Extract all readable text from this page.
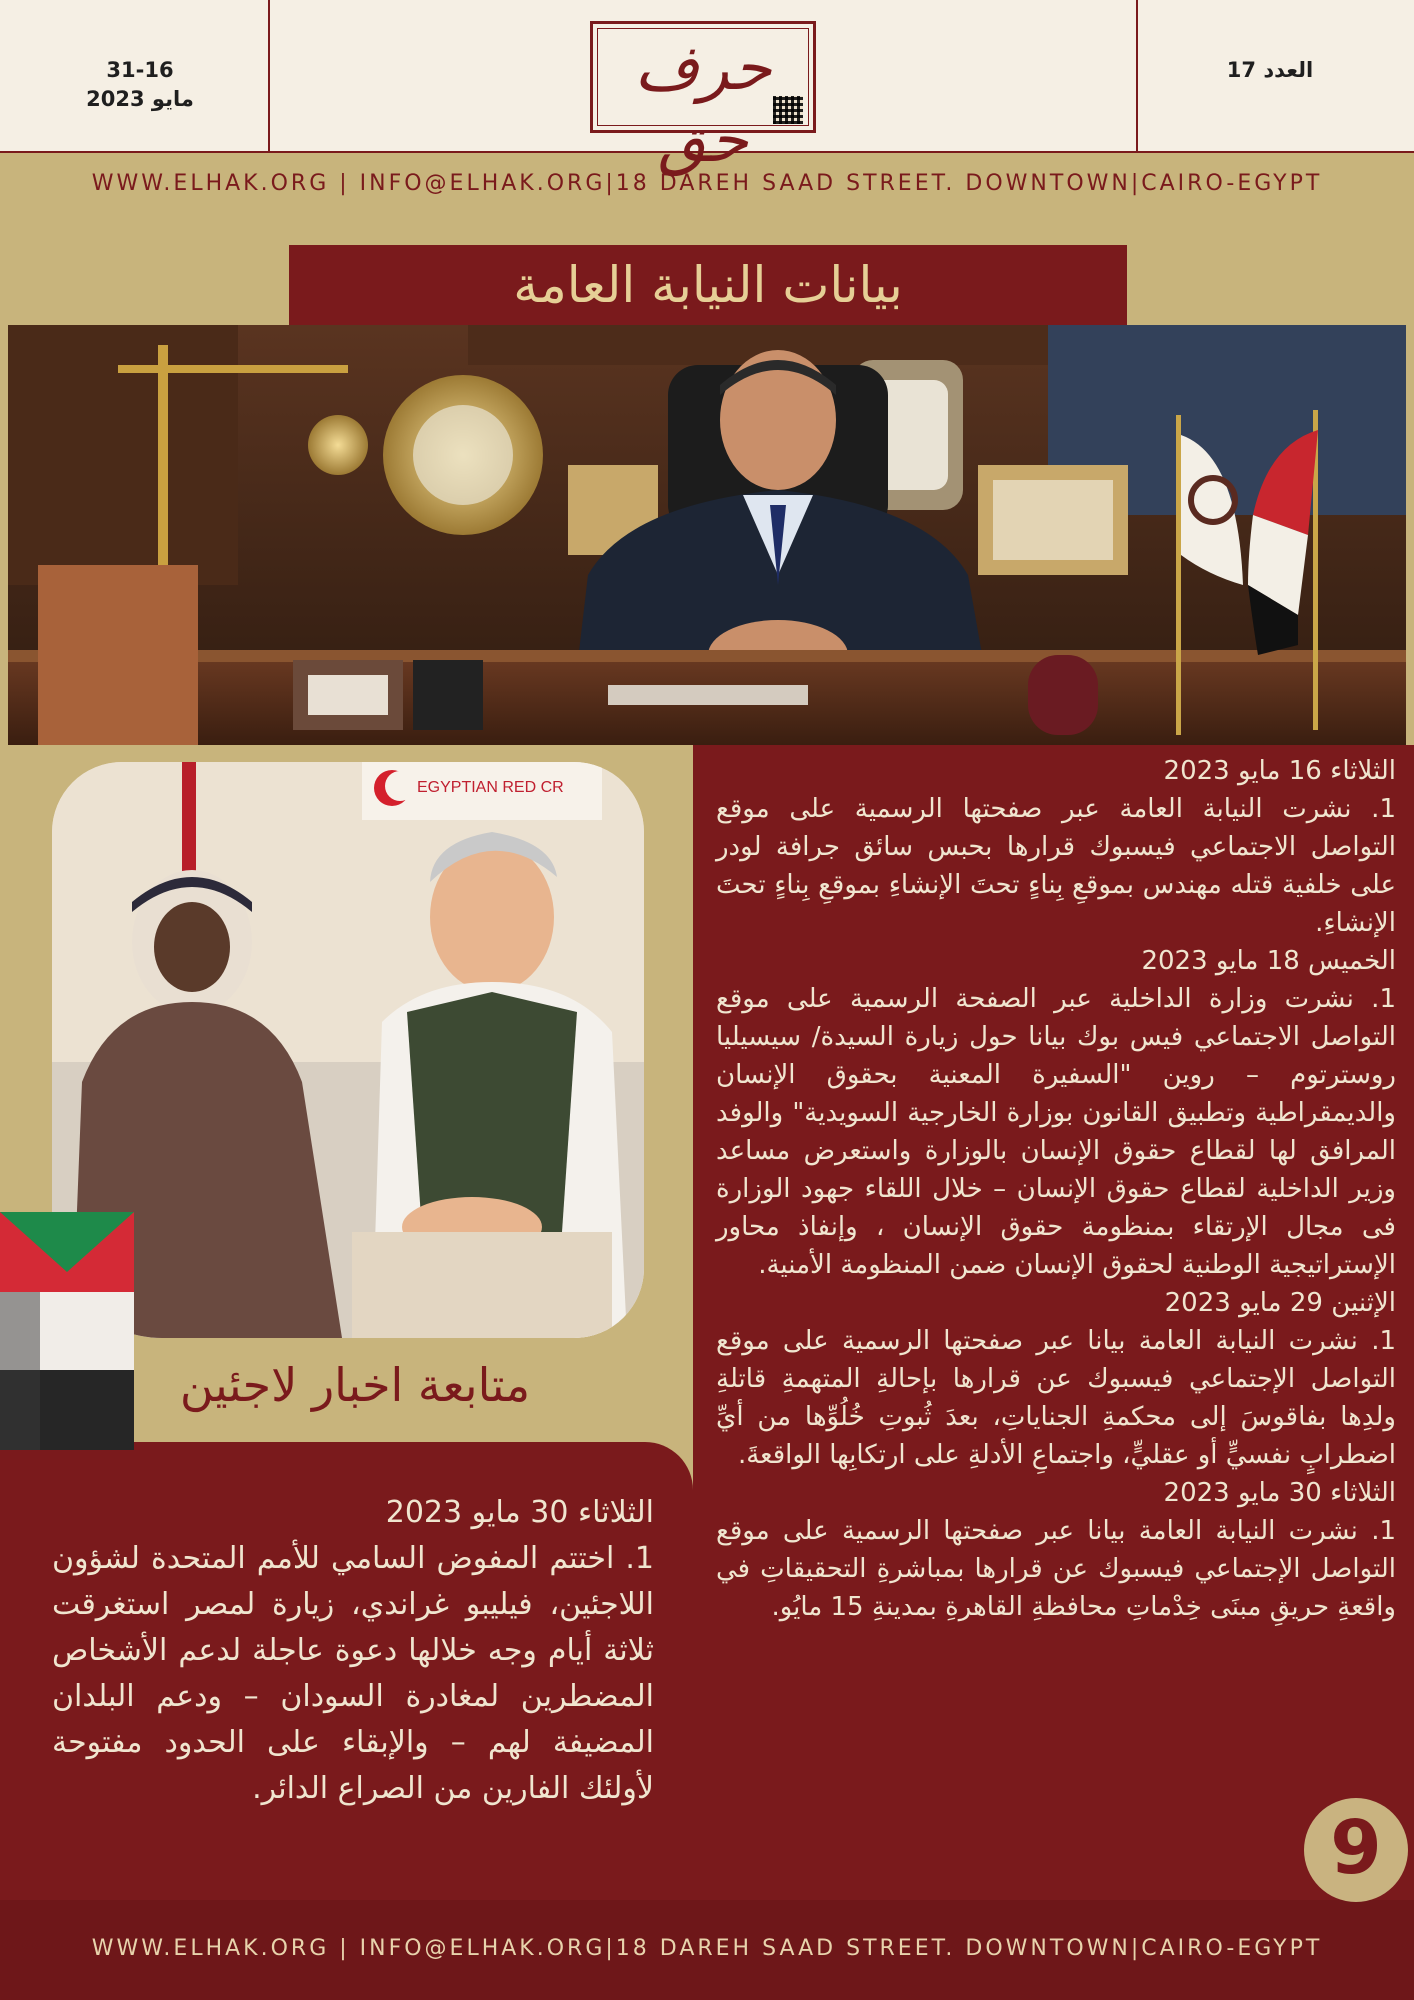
31-16
مايو 2023	حرف حق
العدد 17
WWW.ELHAK.ORG | INFO@ELHAK.ORG|18 DAREH SAAD STREET. DOWNTOWN|CAIRO-EGYPT
بيانات النيابة العامة
الثلاثاء 16 مايو 2023
1. نشرت النيابة العامة عبر صفحتها الرسمية على موقع التواصل الاجتماعي فيسبوك قرارها بحبس سائق جرافة لودر على خلفية قتله مهندس بموقعِ بِناءٍ تحتَ الإنشاءِ بموقعِ بِناءٍ تحتَ الإنشاءِ.
الخميس 18 مايو 2023
1. نشرت وزارة الداخلية عبر الصفحة الرسمية على موقع التواصل الاجتماعي فيس بوك بيانا حول زيارة السيدة/ سيسيليا روسترتوم – روين "السفيرة المعنية بحقوق الإنسان والديمقراطية وتطبيق القانون بوزارة الخارجية السويدية" والوفد المرافق لها لقطاع حقوق الإنسان بالوزارة واستعرض مساعد وزير الداخلية لقطاع حقوق الإنسان – خلال اللقاء جهود الوزارة فى مجال الإرتقاء بمنظومة حقوق الإنسان ، وإنفاذ محاور الإستراتيجية الوطنية لحقوق الإنسان ضمن المنظومة الأمنية.
الإثنين 29 مايو 2023
1. نشرت النيابة العامة بيانا عبر صفحتها الرسمية على موقع التواصل الإجتماعي فيسبوك عن قرارها بإحالةِ المتهمةِ قاتلةِ ولدِها بفاقوسَ إلى محكمةِ الجناياتِ، بعدَ ثُبوتِ خُلُوِّها من أيِّ اضطرابٍ نفسيٍّ أو عقليٍّ، واجتماعِ الأدلةِ على ارتكابِها الواقعةَ.
الثلاثاء 30 مايو 2023
1. نشرت النيابة العامة بيانا عبر صفحتها الرسمية على موقع التواصل الإجتماعي فيسبوك عن قرارها بمباشرةِ التحقيقاتِ في واقعةِ حريقِ مبنَى خِدْماتِ محافظةِ القاهرةِ بمدينةِ 15 مايُو.
EGYPTIAN RED CR
متابعة اخبار لاجئين
الثلاثاء 30 مايو 2023
1. اختتم المفوض السامي للأمم المتحدة لشؤون اللاجئين، فيليبو غراندي، زيارة لمصر استغرقت ثلاثة أيام وجه خلالها دعوة عاجلة لدعم الأشخاص المضطرين لمغادرة السودان – ودعم البلدان المضيفة لهم – والإبقاء على الحدود مفتوحة لأولئك الفارين من الصراع الدائر.
9
WWW.ELHAK.ORG | INFO@ELHAK.ORG|18 DAREH SAAD STREET. DOWNTOWN|CAIRO-EGYPT
